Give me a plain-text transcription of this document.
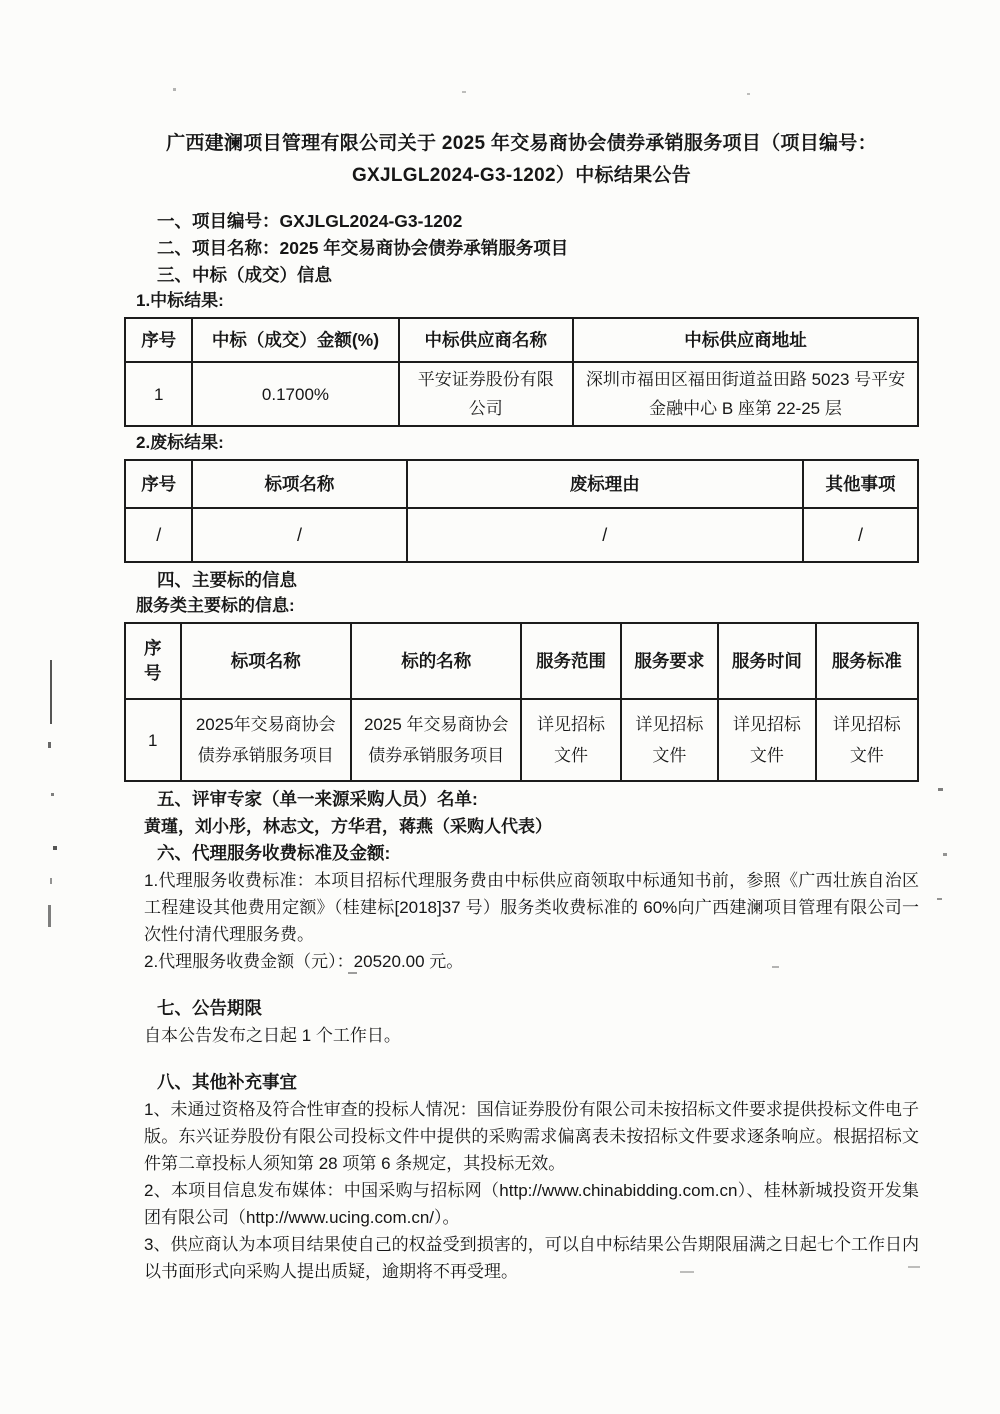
广西建澜项目管理有限公司关于 2025 年交易商协会债券承销服务项目（项目编号：GXJLGL2024-G3-1202）中标结果公告

一、项目编号：GXJLGL2024-G3-1202

二、项目名称：2025 年交易商协会债券承销服务项目

三、中标（成交）信息

1.中标结果:

序号	中标（成交）金额(%)	中标供应商名称	中标供应商地址
1	0.1700%	平安证券股份有限公司	深圳市福田区福田街道益田路 5023 号平安金融中心 B 座第 22-25 层

2.废标结果:

序号	标项名称	废标理由	其他事项
/	/	/	/

四、主要标的信息

服务类主要标的信息:

序号	标项名称	标的名称	服务范围	服务要求	服务时间	服务标准
1	2025年交易商协会债券承销服务项目	2025 年交易商协会债券承销服务项目	详见招标文件	详见招标文件	详见招标文件	详见招标文件

五、评审专家（单一来源采购人员）名单:

黄瑾，刘小彤，林志文，方华君，蒋燕（采购人代表）

六、代理服务收费标准及金额:

1.代理服务收费标准：本项目招标代理服务费由中标供应商领取中标通知书前，参照《广西壮族自治区工程建设其他费用定额》（桂建标[2018]37 号）服务类收费标准的 60%向广西建澜项目管理有限公司一次性付清代理服务费。

2.代理服务收费金额（元）：20520.00 元。

七、公告期限

自本公告发布之日起 1 个工作日。

八、其他补充事宜

1、未通过资格及符合性审查的投标人情况：国信证券股份有限公司未按招标文件要求提供投标文件电子版。东兴证券股份有限公司投标文件中提供的采购需求偏离表未按招标文件要求逐条响应。根据招标文件第二章投标人须知第 28 项第 6 条规定，其投标无效。

2、本项目信息发布媒体：中国采购与招标网（http://www.chinabidding.com.cn）、桂林新城投资开发集团有限公司（http://www.ucing.com.cn/）。

3、供应商认为本项目结果使自己的权益受到损害的，可以自中标结果公告期限届满之日起七个工作日内以书面形式向采购人提出质疑，逾期将不再受理。
